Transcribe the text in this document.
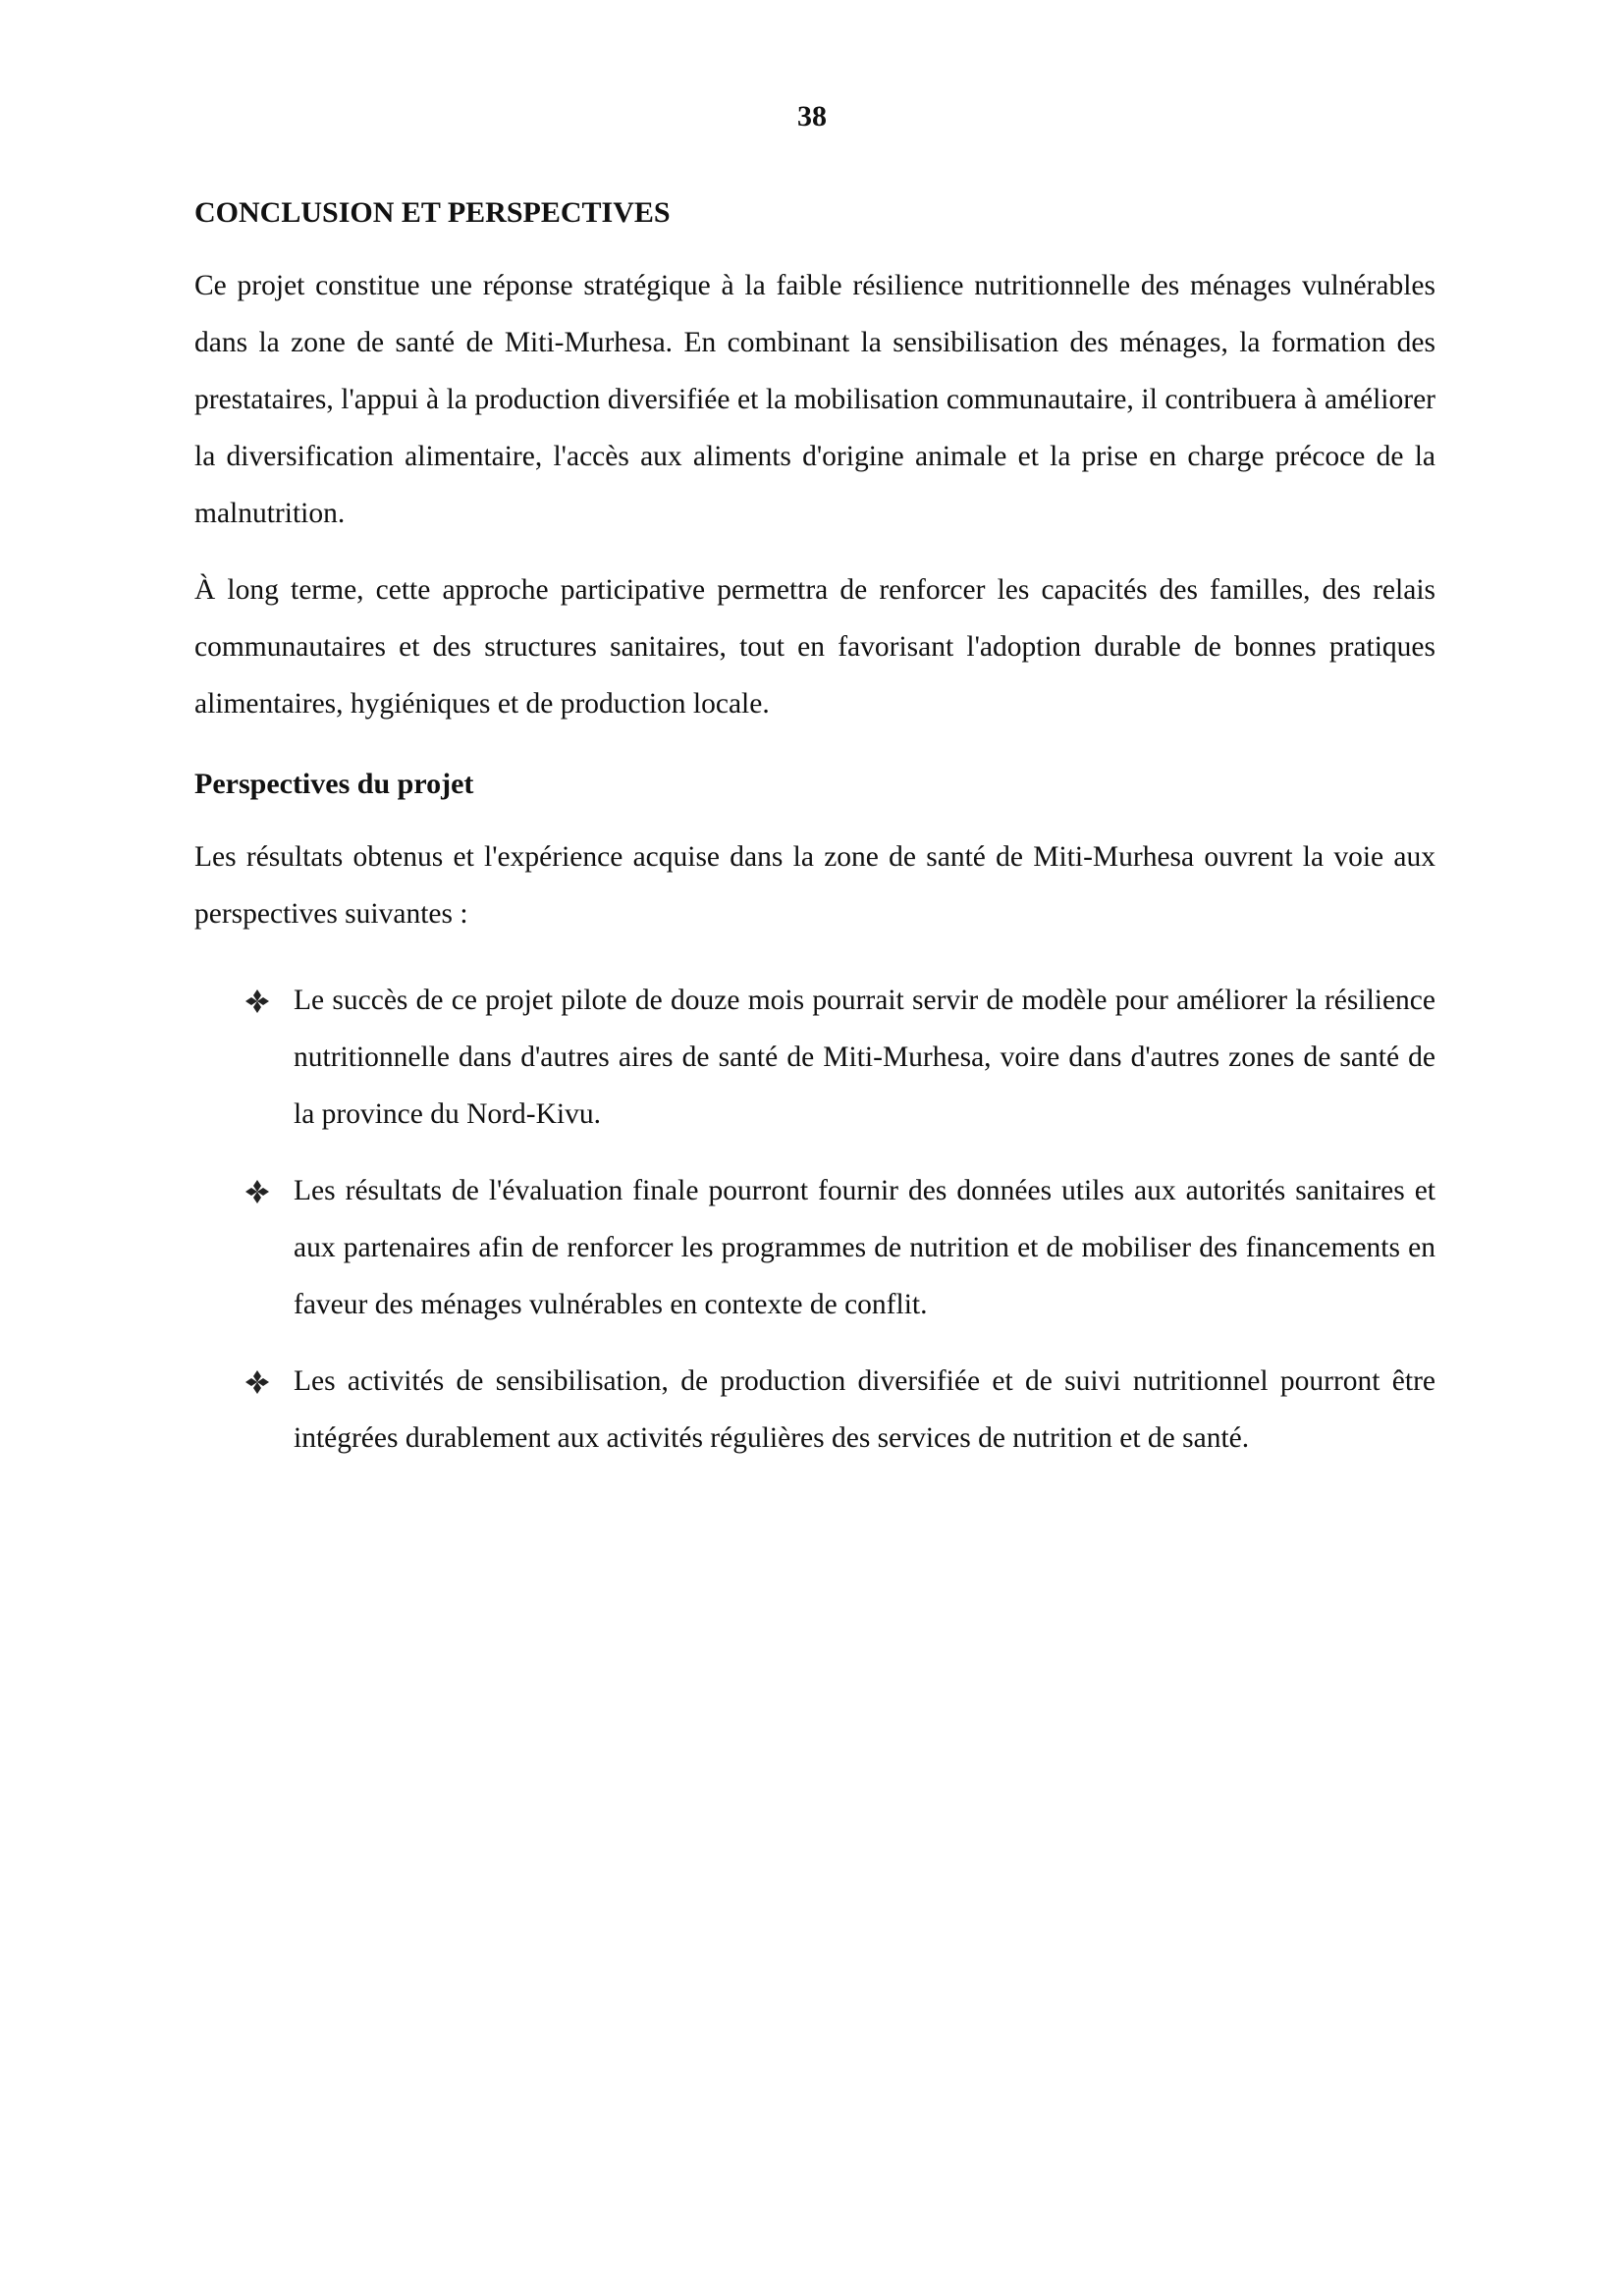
38
CONCLUSION ET PERSPECTIVES

Ce projet constitue une réponse stratégique à la faible résilience nutritionnelle des ménages vulnérables dans la zone de santé de Miti-Murhesa. En combinant la sensibilisation des ménages, la formation des prestataires, l'appui à la production diversifiée et la mobilisation communautaire, il contribuera à améliorer la diversification alimentaire, l'accès aux aliments d'origine animale et la prise en charge précoce de la malnutrition.

À long terme, cette approche participative permettra de renforcer les capacités des familles, des relais communautaires et des structures sanitaires, tout en favorisant l'adoption durable de bonnes pratiques alimentaires, hygiéniques et de production locale.

Perspectives du projet

Les résultats obtenus et l'expérience acquise dans la zone de santé de Miti-Murhesa ouvrent la voie aux perspectives suivantes :

Le succès de ce projet pilote de douze mois pourrait servir de modèle pour améliorer la résilience nutritionnelle dans d'autres aires de santé de Miti-Murhesa, voire dans d'autres zones de santé de la province du Nord-Kivu.
Les résultats de l'évaluation finale pourront fournir des données utiles aux autorités sanitaires et aux partenaires afin de renforcer les programmes de nutrition et de mobiliser des financements en faveur des ménages vulnérables en contexte de conflit.
Les activités de sensibilisation, de production diversifiée et de suivi nutritionnel pourront être intégrées durablement aux activités régulières des services de nutrition et de santé.
